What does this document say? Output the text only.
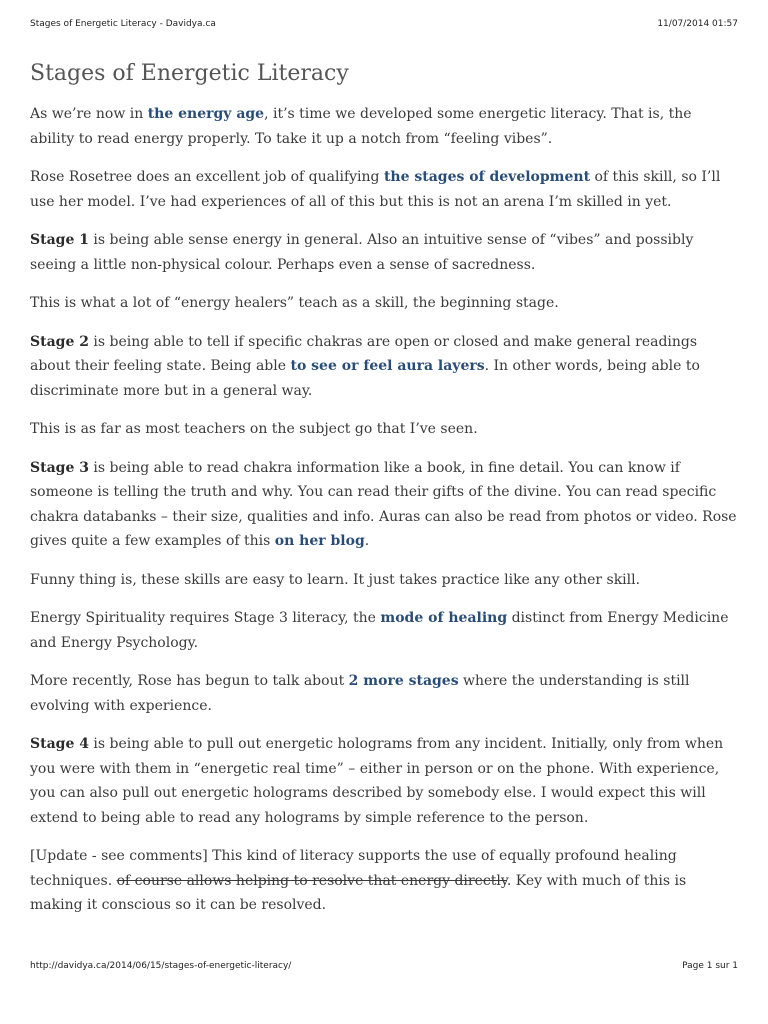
Stages of Energetic Literacy - Davidya.ca	11/07/2014 01:57
Stages of Energetic Literacy

As we’re now in the energy age, it’s time we developed some energetic literacy. That is, the ability to read energy properly. To take it up a notch from “feeling vibes”.

Rose Rosetree does an excellent job of qualifying the stages of development of this skill, so I’ll use her model. I’ve had experiences of all of this but this is not an arena I’m skilled in yet.

Stage 1 is being able sense energy in general. Also an intuitive sense of “vibes” and possibly seeing a little non-physical colour. Perhaps even a sense of sacredness.

This is what a lot of “energy healers” teach as a skill, the beginning stage.

Stage 2 is being able to tell if specific chakras are open or closed and make general readings about their feeling state. Being able to see or feel aura layers. In other words, being able to discriminate more but in a general way.

This is as far as most teachers on the subject go that I’ve seen.

Stage 3 is being able to read chakra information like a book, in fine detail. You can know if someone is telling the truth and why. You can read their gifts of the divine. You can read specific chakra databanks – their size, qualities and info. Auras can also be read from photos or video. Rose gives quite a few examples of this on her blog.

Funny thing is, these skills are easy to learn. It just takes practice like any other skill.

Energy Spirituality requires Stage 3 literacy, the mode of healing distinct from Energy Medicine and Energy Psychology.

More recently, Rose has begun to talk about 2 more stages where the understanding is still evolving with experience.

Stage 4 is being able to pull out energetic holograms from any incident. Initially, only from when you were with them in “energetic real time” – either in person or on the phone. With experience, you can also pull out energetic holograms described by somebody else. I would expect this will extend to being able to read any holograms by simple reference to the person.

[Update - see comments] This kind of literacy supports the use of equally profound healing techniques. of course allows helping to resolve that energy directly. Key with much of this is making it conscious so it can be resolved.

http://davidya.ca/2014/06/15/stages-of-energetic-literacy/	Page 1 sur 1
